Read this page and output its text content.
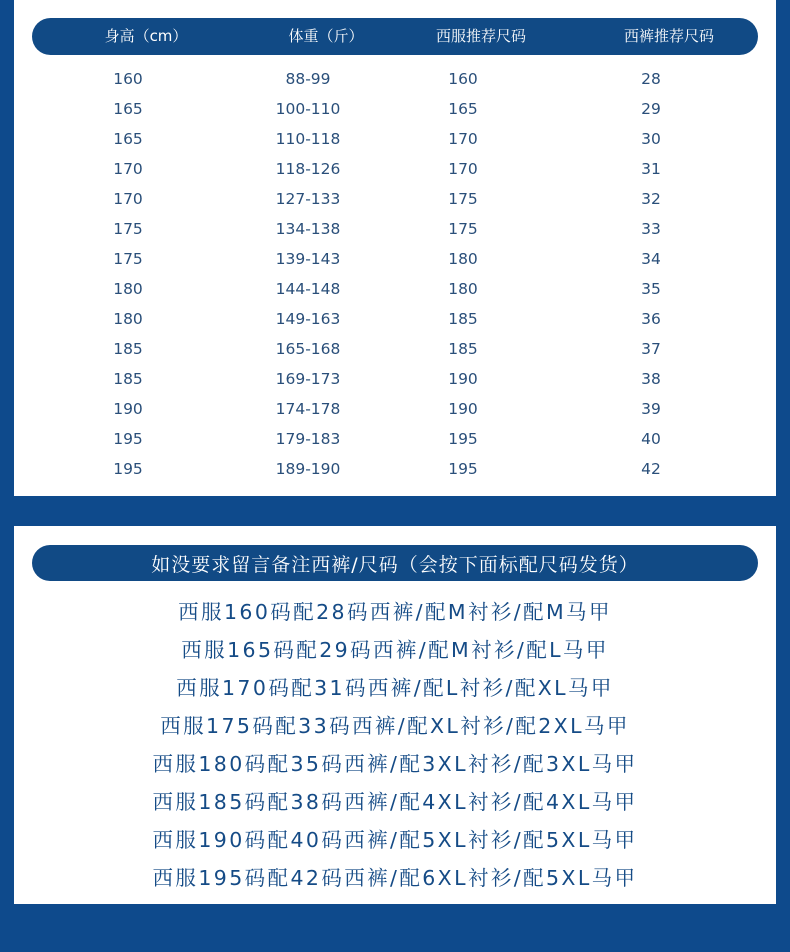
身高（cm）	体重（斤）	西服推荐尺码	西裤推荐尺码
160	88-99	160	28
165	100-110	165	29
165	110-118	170	30
170	118-126	170	31
170	127-133	175	32
175	134-138	175	33
175	139-143	180	34
180	144-148	180	35
180	149-163	185	36
185	165-168	185	37
185	169-173	190	38
190	174-178	190	39
195	179-183	195	40
195	189-190	195	42
如没要求留言备注西裤/尺码（会按下面标配尺码发货）
西服160码配28码西裤/配M衬衫/配M马甲
西服165码配29码西裤/配M衬衫/配L马甲
西服170码配31码西裤/配L衬衫/配XL马甲
西服175码配33码西裤/配XL衬衫/配2XL马甲
西服180码配35码西裤/配3XL衬衫/配3XL马甲
西服185码配38码西裤/配4XL衬衫/配4XL马甲
西服190码配40码西裤/配5XL衬衫/配5XL马甲
西服195码配42码西裤/配6XL衬衫/配5XL马甲
